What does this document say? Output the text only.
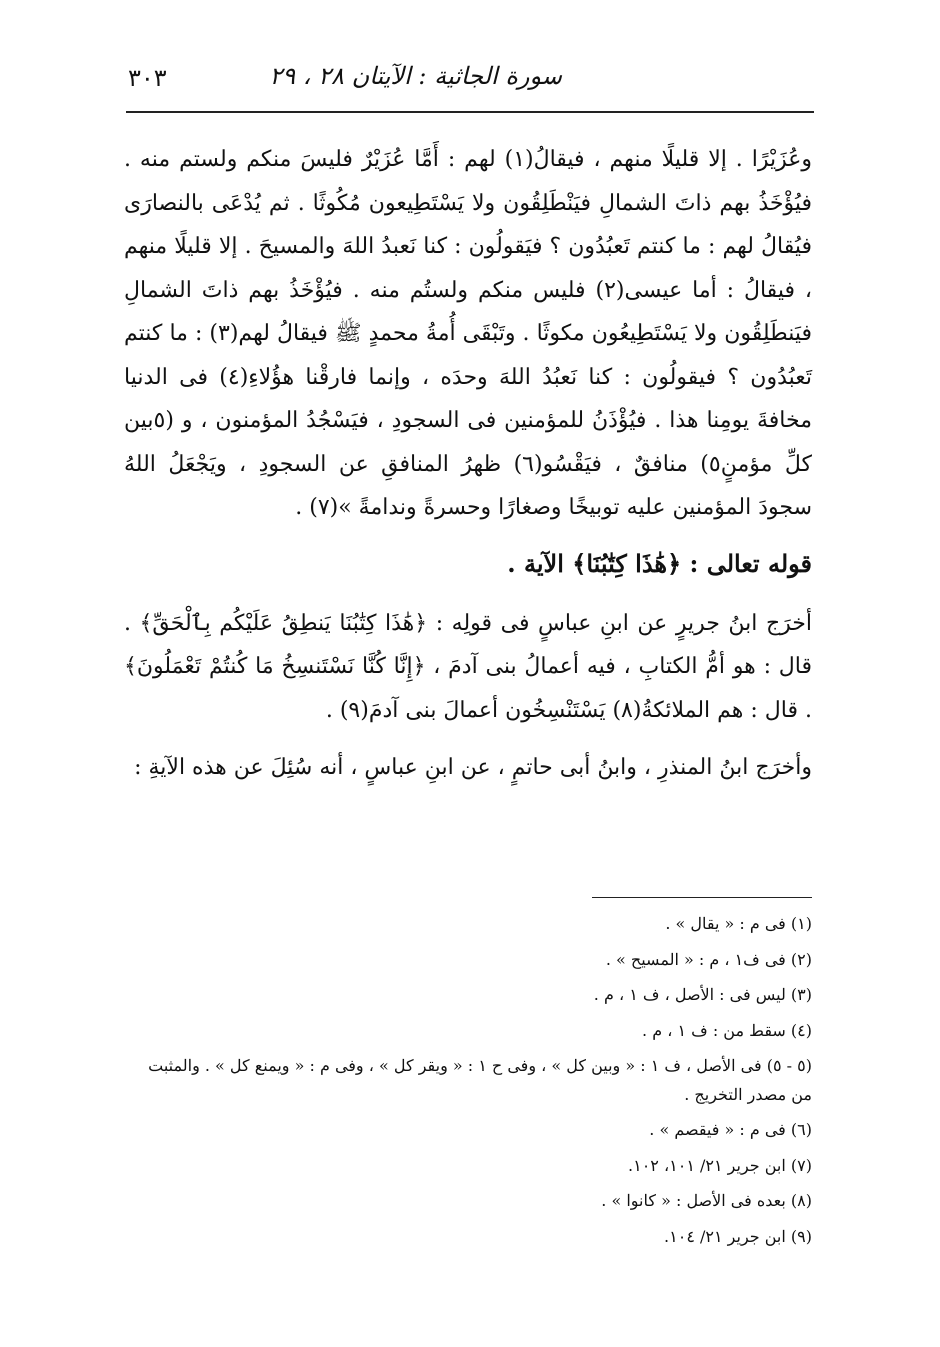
٣٠٣	سورة الجاثية : الآيتان ٢٨ ، ٢٩

وعُزَيْرًا . إلا قليلًا منهم ، فيقالُ(١) لهم : أَمَّا عُزَيْرٌ فليسَ منكم ولستم منه . فيُؤْخَذُ بهم ذاتَ الشمالِ فيَنْطَلِقُون ولا يَسْتَطِيعون مُكُوثًا . ثم يُدْعَى بالنصارَى فيُقالُ لهم : ما كنتم تَعبُدُون ؟ فيَقولُون : كنا نَعبدُ اللهَ والمسيحَ . إلا قليلًا منهم ، فيقالُ : أما عيسى(٢) فليس منكم ولستُم منه . فيُؤْخَذُ بهم ذاتَ الشمالِ فيَنطَلِقُون ولا يَسْتَطِيعُون مكوثًا . وتَبْقَى أُمةُ محمدٍ ﷺ فيقالُ لهم(٣) : ما كنتم تَعبُدُون ؟ فيقولُون : كنا نَعبُدُ اللهَ وحدَه ، وإنما فارقْنا هؤُلاءِ(٤) فى الدنيا مخافةَ يومِنا هذا . فيُؤْذَنُ للمؤمنين فى السجودِ ، فيَسْجُدُ المؤمنون ، و (٥بين كلِّ مؤمنٍ٥) منافقٌ ، فيَقْسُو(٦) ظهرُ المنافقِ عن السجودِ ، ويَجْعَلُ اللهُ سجودَ المؤمنين عليه توبيخًا وصغارًا وحسرةً وندامةً »(٧) .

قوله تعالى : ﴿هَٰذَا كِتَٰبُنَا﴾ الآية .

أخرَج ابنُ جريرٍ عن ابنِ عباسٍ فى قولِه : ﴿هَٰذَا كِتَٰبُنَا يَنطِقُ عَلَيْكُم بِٱلْحَقِّ﴾ . قال : هو أمُّ الكتابِ ، فيه أعمالُ بنى آدمَ ، ﴿إِنَّا كُنَّا نَسْتَنسِخُ مَا كُنتُمْ تَعْمَلُونَ﴾ . قال : هم الملائكةُ(٨) يَسْتَنْسِخُون أعمالَ بنى آدمَ(٩) .

وأخرَج ابنُ المنذرِ ، وابنُ أبى حاتمٍ ، عن ابنِ عباسٍ ، أنه سُئِلَ عن هذه الآيةِ :

(١) فى م : « يقال » .

(٢) فى ف١ ، م : « المسيح » .

(٣) ليس فى : الأصل ، ف ١ ، م .

(٤) سقط من : ف ١ ، م .

(٥ - ٥) فى الأصل ، ف ١ : « وبين كل » ، وفى ح ١ : « ويقر كل » ، وفى م : « ويمنع كل » . والمثبت من مصدر التخريج .

(٦) فى م : « فيقصم » .

(٧) ابن جرير ٢١/ ١٠١، ١٠٢.

(٨) بعده فى الأصل : « كانوا » .

(٩) ابن جرير ٢١/ ١٠٤.
